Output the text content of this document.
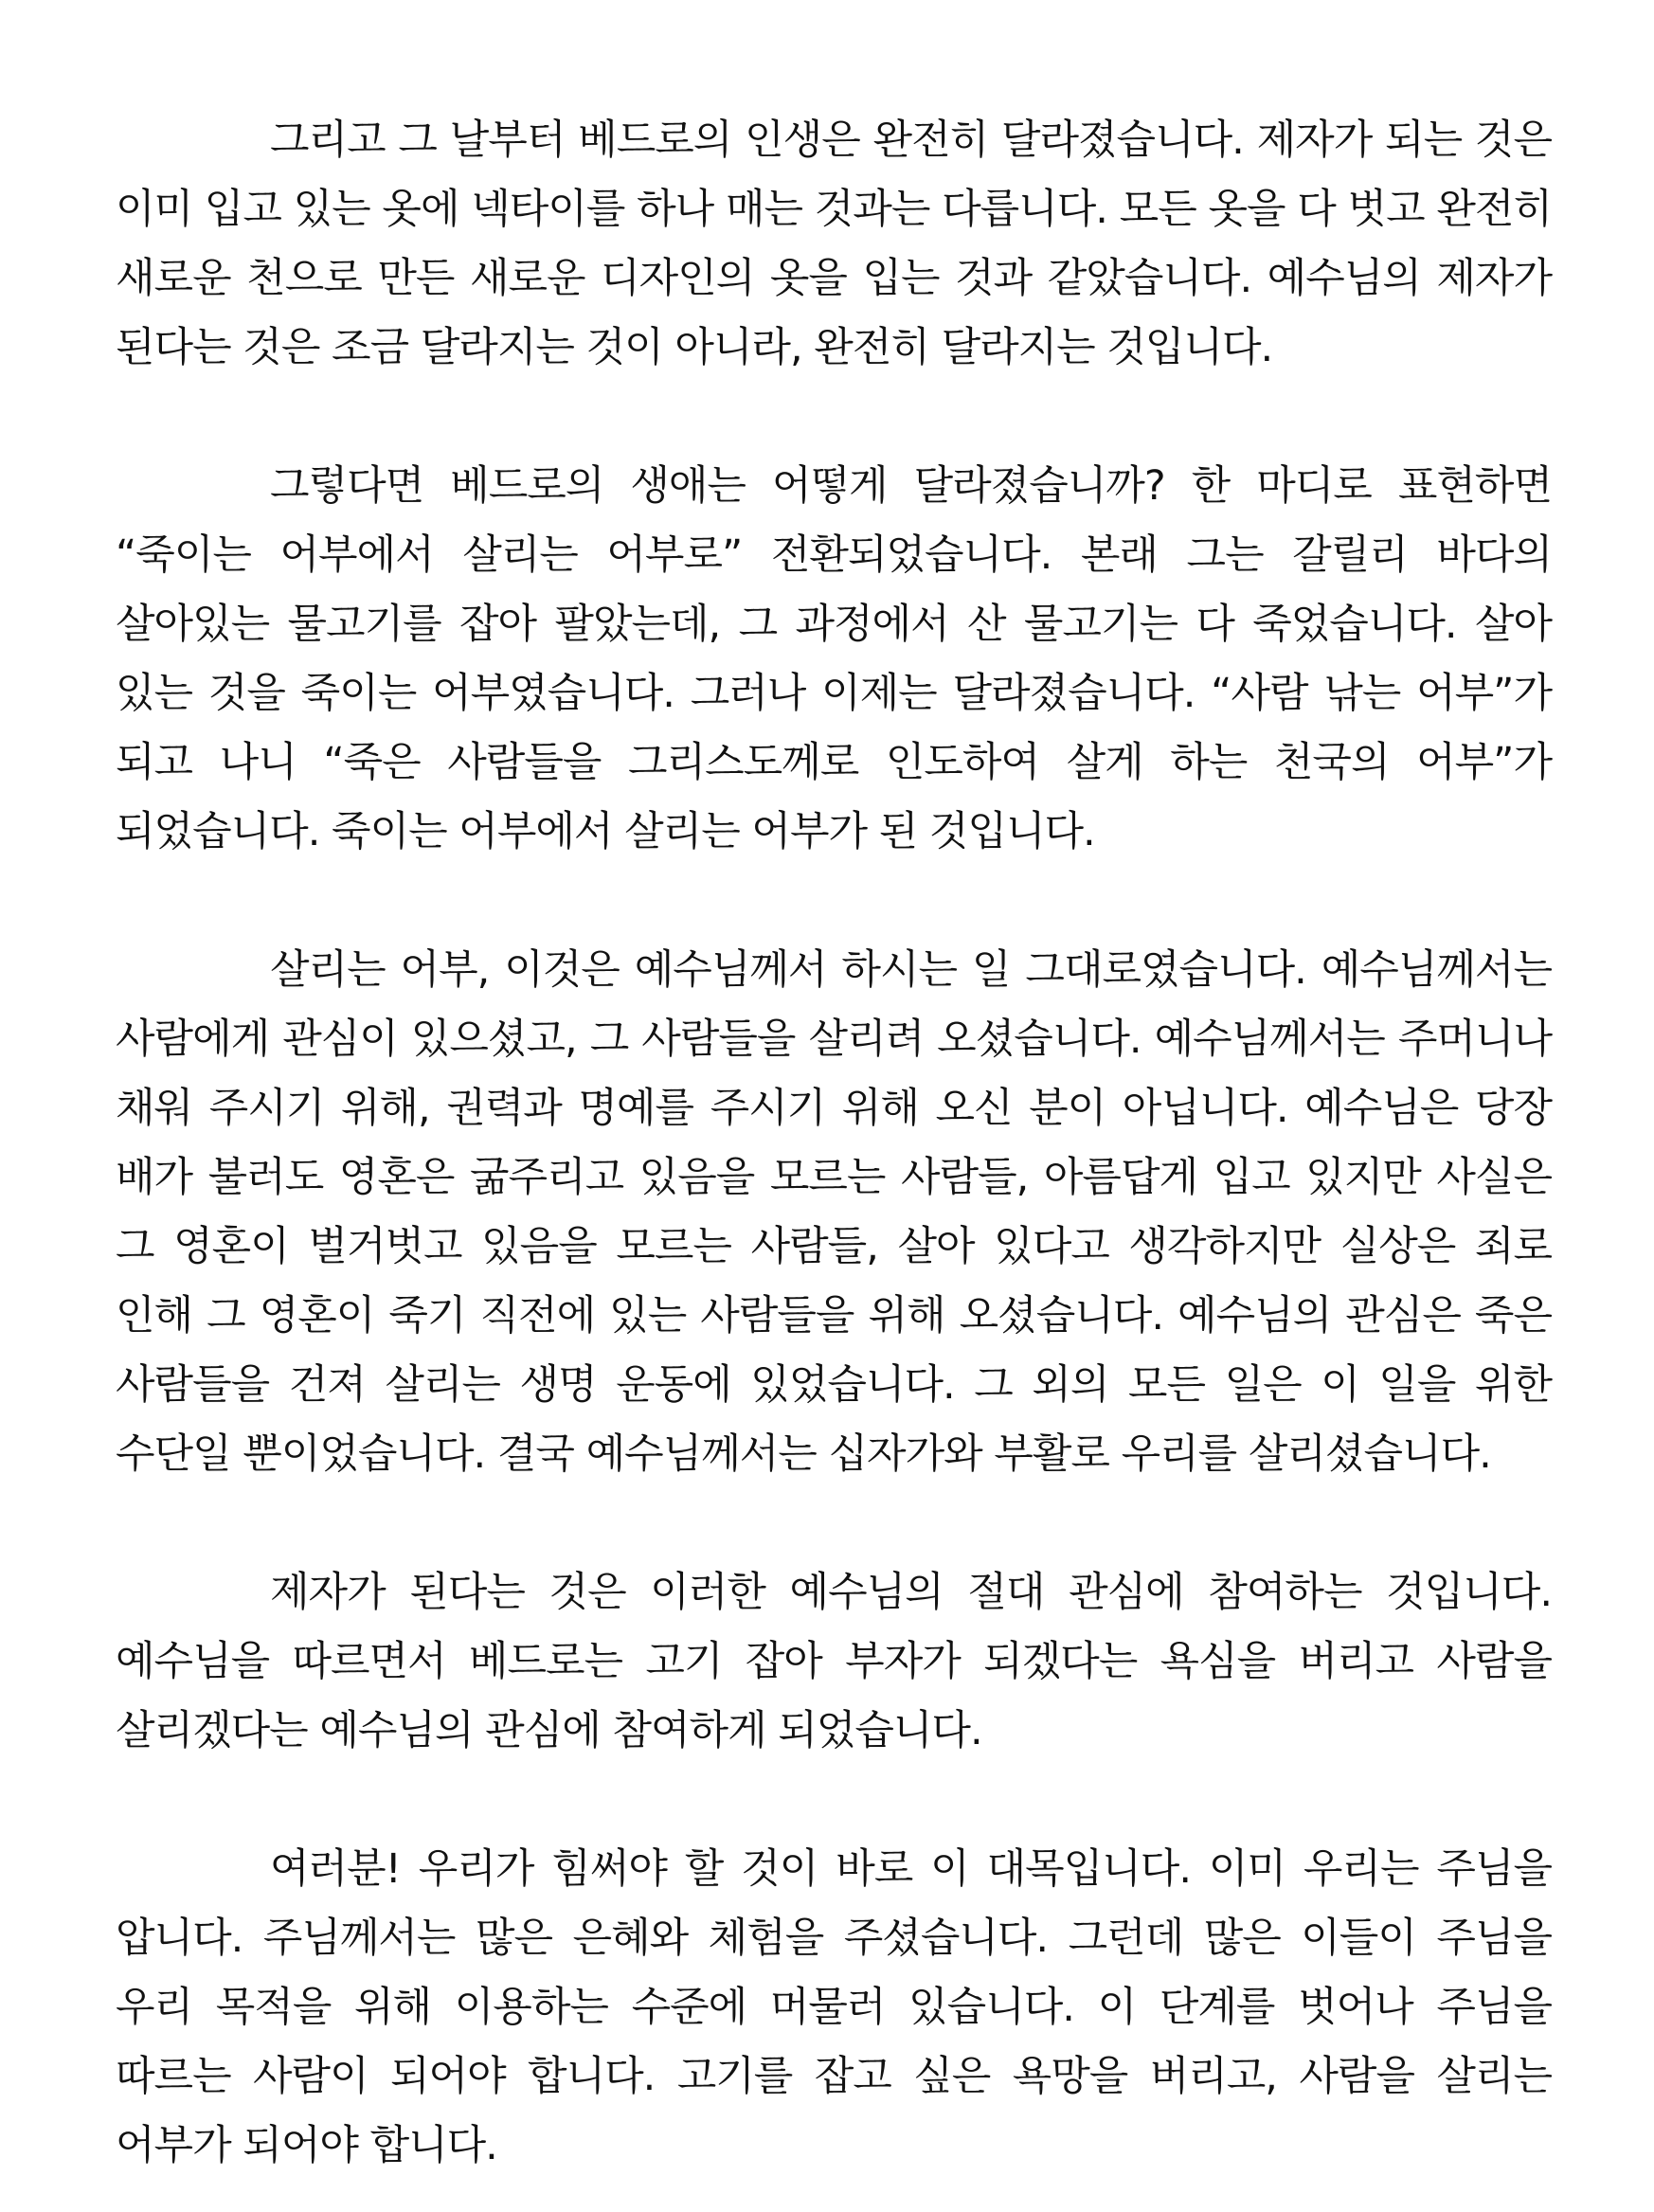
그리고 그 날부터 베드로의 인생은 완전히 달라졌습니다. 제자가 되는 것은 이미 입고 있는 옷에 넥타이를 하나 매는 것과는 다릅니다. 모든 옷을 다 벗고 완전히 새로운 천으로 만든 새로운 디자인의 옷을 입는 것과 같았습니다. 예수님의 제자가 된다는 것은 조금 달라지는 것이 아니라, 완전히 달라지는 것입니다.

그렇다면 베드로의 생애는 어떻게 달라졌습니까? 한 마디로 표현하면 “죽이는 어부에서 살리는 어부로” 전환되었습니다. 본래 그는 갈릴리 바다의 살아있는 물고기를 잡아 팔았는데, 그 과정에서 산 물고기는 다 죽었습니다. 살아 있는 것을 죽이는 어부였습니다. 그러나 이제는 달라졌습니다. “사람 낚는 어부”가 되고 나니 “죽은 사람들을 그리스도께로 인도하여 살게 하는 천국의 어부”가 되었습니다. 죽이는 어부에서 살리는 어부가 된 것입니다.

살리는 어부, 이것은 예수님께서 하시는 일 그대로였습니다. 예수님께서는 사람에게 관심이 있으셨고, 그 사람들을 살리려 오셨습니다. 예수님께서는 주머니나 채워 주시기 위해, 권력과 명예를 주시기 위해 오신 분이 아닙니다. 예수님은 당장 배가 불러도 영혼은 굶주리고 있음을 모르는 사람들, 아름답게 입고 있지만 사실은 그 영혼이 벌거벗고 있음을 모르는 사람들, 살아 있다고 생각하지만 실상은 죄로 인해 그 영혼이 죽기 직전에 있는 사람들을 위해 오셨습니다. 예수님의 관심은 죽은 사람들을 건져 살리는 생명 운동에 있었습니다. 그 외의 모든 일은 이 일을 위한 수단일 뿐이었습니다. 결국 예수님께서는 십자가와 부활로 우리를 살리셨습니다.

제자가 된다는 것은 이러한 예수님의 절대 관심에 참여하는 것입니다. 예수님을 따르면서 베드로는 고기 잡아 부자가 되겠다는 욕심을 버리고 사람을 살리겠다는 예수님의 관심에 참여하게 되었습니다.

여러분! 우리가 힘써야 할 것이 바로 이 대목입니다. 이미 우리는 주님을 압니다. 주님께서는 많은 은혜와 체험을 주셨습니다. 그런데 많은 이들이 주님을 우리 목적을 위해 이용하는 수준에 머물러 있습니다. 이 단계를 벗어나 주님을 따르는 사람이 되어야 합니다. 고기를 잡고 싶은 욕망을 버리고, 사람을 살리는 어부가 되어야 합니다.
